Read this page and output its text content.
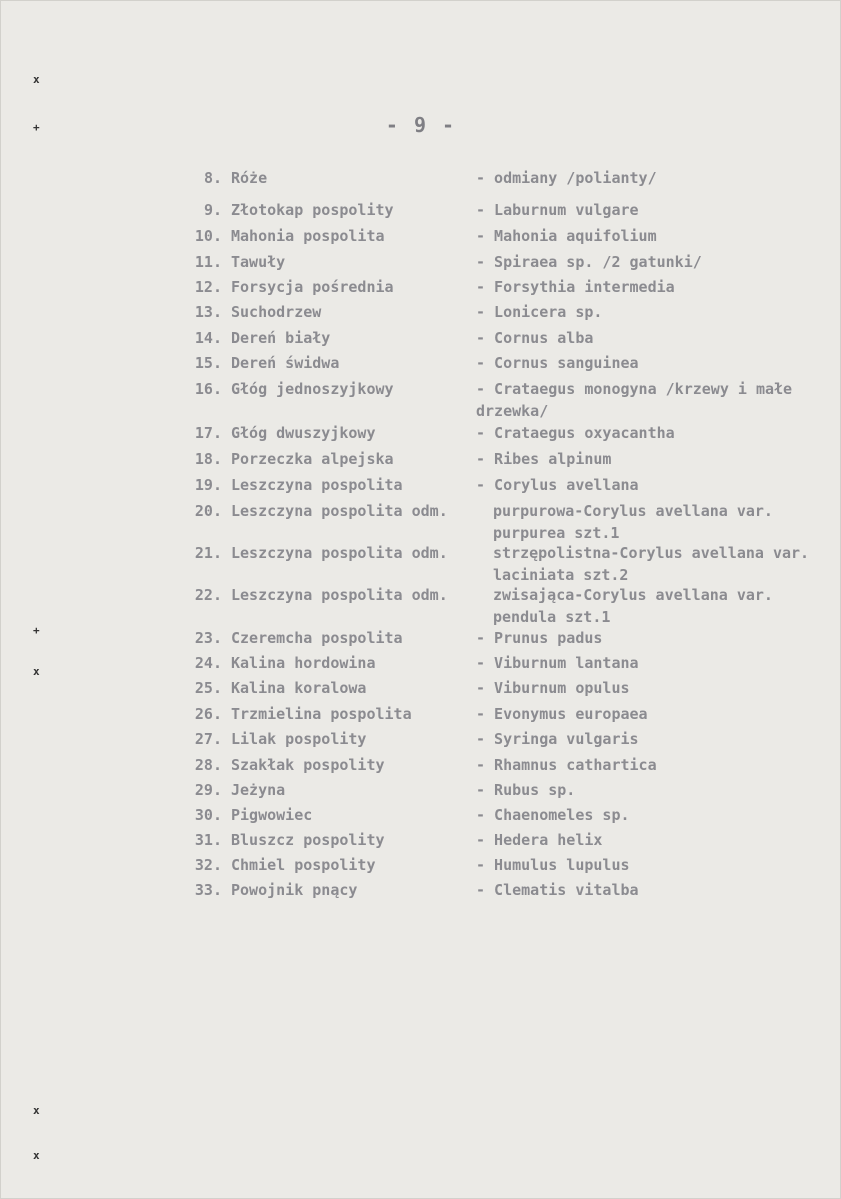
- 9 -
x
+
+
x
x
x
8. Róże	- odmiany /polianty/
9. Złotokap pospolity	- Laburnum vulgare
10. Mahonia pospolita	- Mahonia aquifolium
11. Tawuły	- Spiraea sp. /2 gatunki/
12. Forsycja pośrednia	- Forsythia intermedia
13. Suchodrzew	- Lonicera sp.
14. Dereń biały	- Cornus alba
15. Dereń świdwa	- Cornus sanguinea
16. Głóg jednoszyjkowy	- Crataegus monogyna /krzewy i małe
drzewka/
17. Głóg dwuszyjkowy	- Crataegus oxyacantha
18. Porzeczka alpejska	- Ribes alpinum
19. Leszczyna pospolita	- Corylus avellana
20. Leszczyna pospolita odm.	purpurowa-Corylus avellana var.
purpurea szt.1
21. Leszczyna pospolita odm.	strzępolistna-Corylus avellana var.
laciniata szt.2
22. Leszczyna pospolita odm.	zwisająca-Corylus avellana var.
pendula szt.1
23. Czeremcha pospolita	- Prunus padus
24. Kalina hordowina	- Viburnum lantana
25. Kalina koralowa	- Viburnum opulus
26. Trzmielina pospolita	- Evonymus europaea
27. Lilak pospolity	- Syringa vulgaris
28. Szakłak pospolity	- Rhamnus cathartica
29. Jeżyna	- Rubus sp.
30. Pigwowiec	- Chaenomeles sp.
31. Bluszcz pospolity	- Hedera helix
32. Chmiel pospolity	- Humulus lupulus
33. Powojnik pnący	- Clematis vitalba
